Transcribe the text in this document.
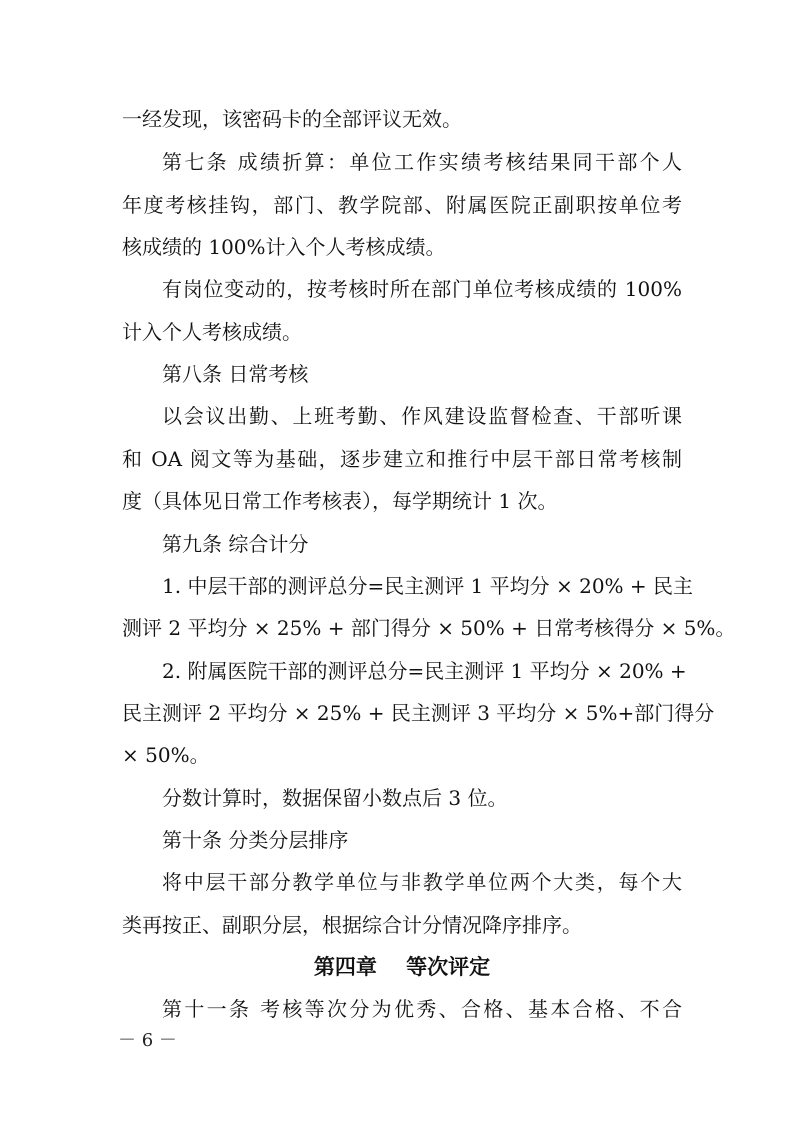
一经发现，该密码卡的全部评议无效。
第七条 成绩折算：单位工作实绩考核结果同干部个人
年度考核挂钩，部门、教学院部、附属医院正副职按单位考
核成绩的 100%计入个人考核成绩。
有岗位变动的，按考核时所在部门单位考核成绩的 100%
计入个人考核成绩。
第八条 日常考核
以会议出勤、上班考勤、作风建设监督检查、干部听课
和 OA 阅文等为基础，逐步建立和推行中层干部日常考核制
度（具体见日常工作考核表），每学期统计 1 次。
第九条 综合计分
1. 中层干部的测评总分=民主测评 1 平均分 × 20% + 民主
测评 2 平均分 × 25% + 部门得分 × 50% + 日常考核得分 × 5%。
2. 附属医院干部的测评总分=民主测评 1 平均分 × 20% +
民主测评 2 平均分 × 25% + 民主测评 3 平均分 × 5%+部门得分
× 50%。
分数计算时，数据保留小数点后 3 位。
第十条 分类分层排序
将中层干部分教学单位与非教学单位两个大类，每个大
类再按正、副职分层，根据综合计分情况降序排序。
第四章    等次评定
第十一条 考核等次分为优秀、合格、基本合格、不合
－ 6 －
